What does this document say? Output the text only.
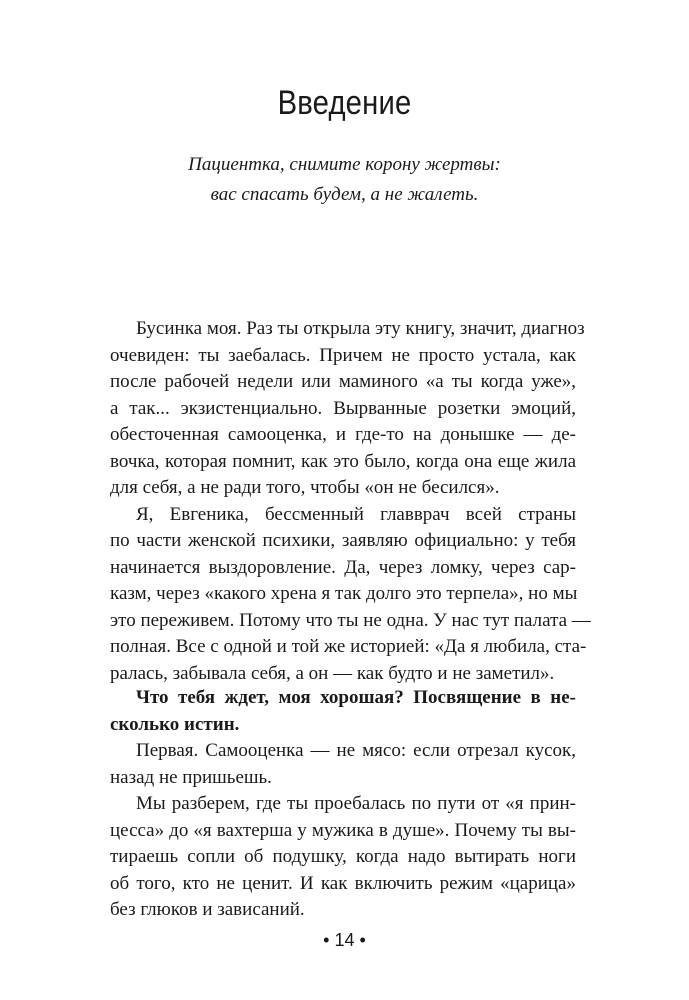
Введение
Пациентка, снимите корону жертвы:
вас спасать будем, а не жалеть.
Бусинка моя. Раз ты открыла эту книгу, значит, диагноз
очевиден: ты заебалась. Причем не просто устала, как
после рабочей недели или маминого «а ты когда уже»,
а так... экзистенциально. Вырванные розетки эмоций,
обесточенная самооценка, и где-то на донышке — де-
вочка, которая помнит, как это было, когда она еще жила
для себя, а не ради того, чтобы «он не бесился».
Я, Евгеника, бессменный главврач всей страны
по части женской психики, заявляю официально: у тебя
начинается выздоровление. Да, через ломку, через сар-
казм, через «какого хрена я так долго это терпела», но мы
это переживем. Потому что ты не одна. У нас тут палата —
полная. Все с одной и той же историей: «Да я любила, ста-
ралась, забывала себя, а он — как будто и не заметил».
Что тебя ждет, моя хорошая? Посвящение в не-
сколько истин.
Первая. Самооценка — не мясо: если отрезал кусок,
назад не пришьешь.
Мы разберем, где ты проебалась по пути от «я прин-
цесса» до «я вахтерша у мужика в душе». Почему ты вы-
тираешь сопли об подушку, когда надо вытирать ноги
об того, кто не ценит. И как включить режим «царица»
без глюков и зависаний.
• 14 •
